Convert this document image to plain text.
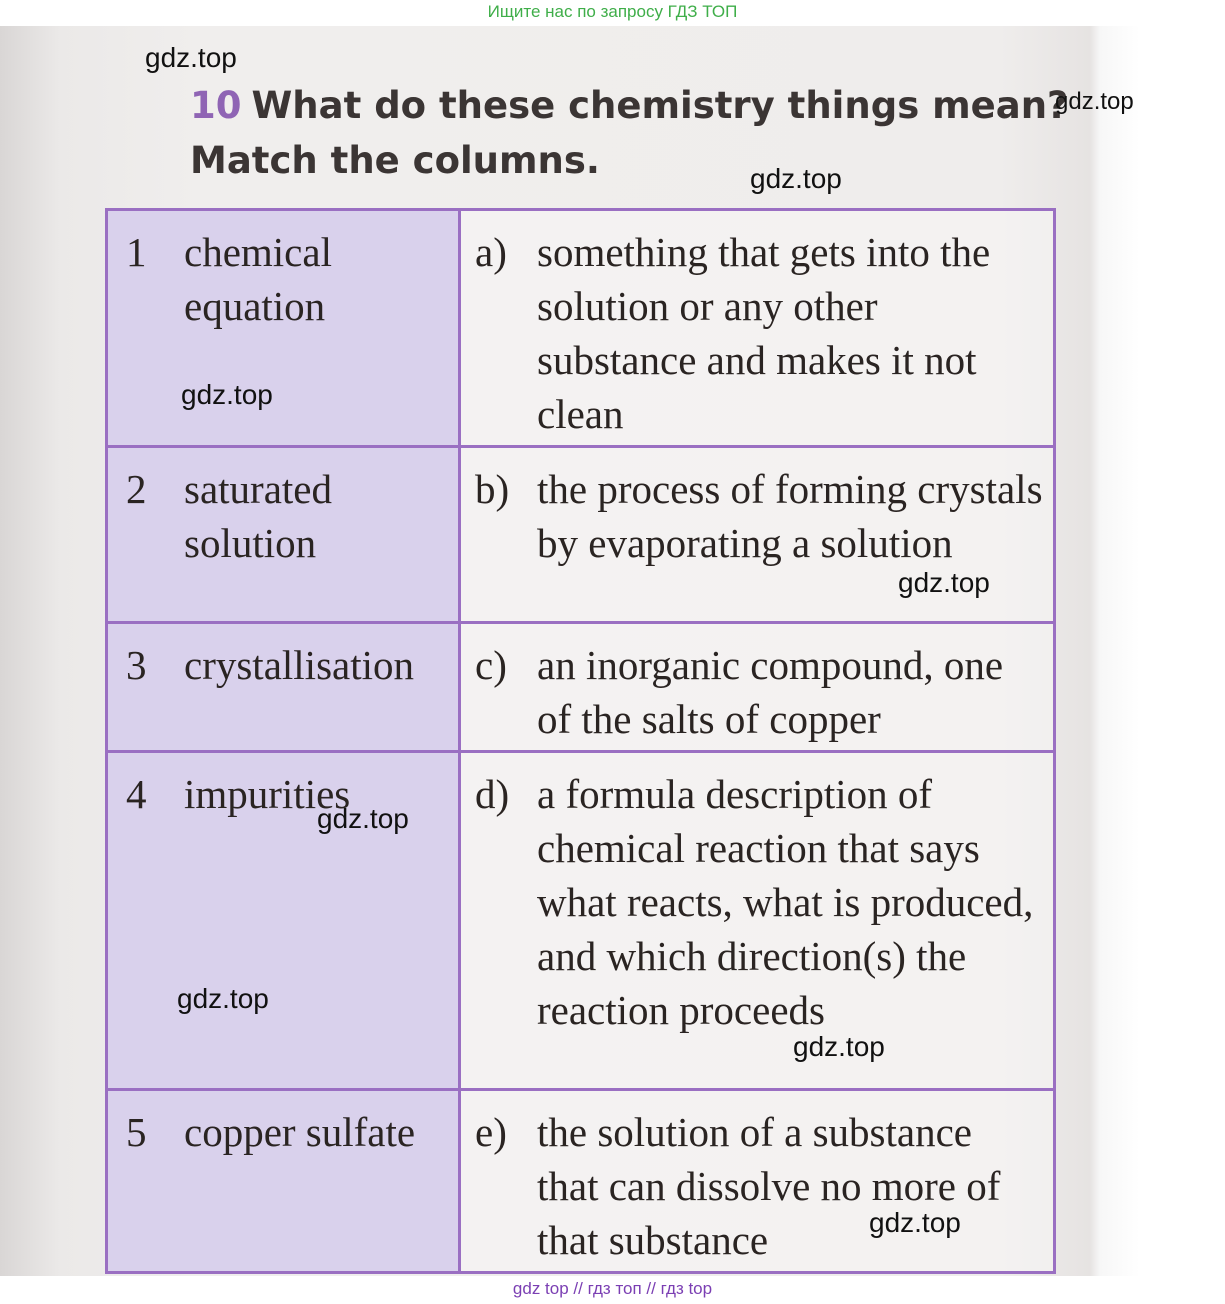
Ищите нас по запросу ГДЗ ТОП
10 What do these chemistry things mean?
Match the columns.
1 chemical equation	a) something that gets into the solution or any other substance and makes it not clean

2 saturated solution	b) the process of forming crystals by evaporating a solution

3 crystallisation	c) an inorganic compound, one of the salts of copper

4 impurities	d) a formula description of chemical reaction that says what reacts, what is produced, and which direction(s) the reaction proceeds

5 copper sulfate	e) the solution of a substance that can dissolve no more of that substance
gdz.top
gdz.top
gdz.top
gdz.top
gdz.top
gdz.top
gdz.top
gdz.top
gdz.top
gdz top // гдз топ // гдз top
